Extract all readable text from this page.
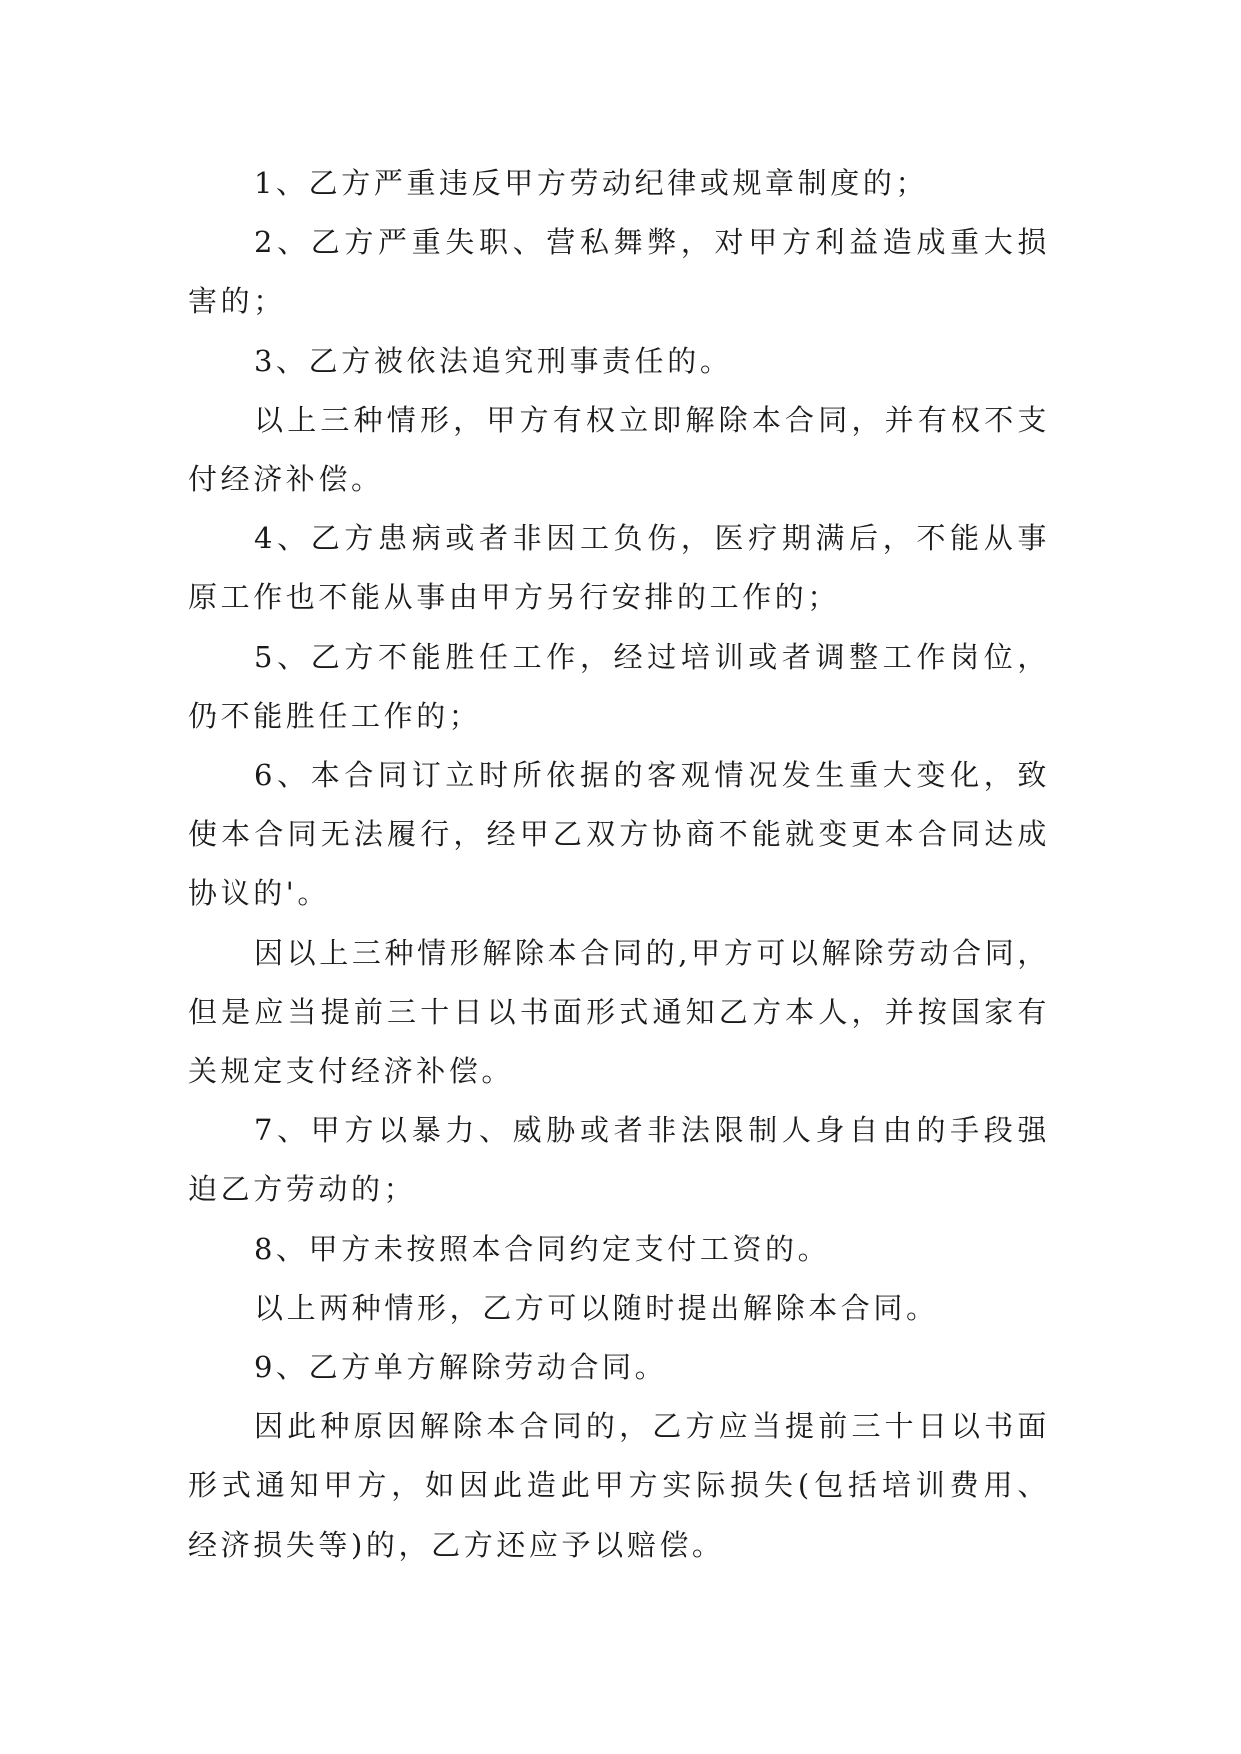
1、乙方严重违反甲方劳动纪律或规章制度的；

2、乙方严重失职、营私舞弊，对甲方利益造成重大损害的；

3、乙方被依法追究刑事责任的。

以上三种情形，甲方有权立即解除本合同，并有权不支付经济补偿。

4、乙方患病或者非因工负伤，医疗期满后，不能从事原工作也不能从事由甲方另行安排的工作的；

5、乙方不能胜任工作，经过培训或者调整工作岗位，仍不能胜任工作的；

6、本合同订立时所依据的客观情况发生重大变化，致使本合同无法履行，经甲乙双方协商不能就变更本合同达成协议的'。

因以上三种情形解除本合同的,甲方可以解除劳动合同，但是应当提前三十日以书面形式通知乙方本人，并按国家有关规定支付经济补偿。

7、甲方以暴力、威胁或者非法限制人身自由的手段强迫乙方劳动的；

8、甲方未按照本合同约定支付工资的。

以上两种情形，乙方可以随时提出解除本合同。

9、乙方单方解除劳动合同。

因此种原因解除本合同的，乙方应当提前三十日以书面形式通知甲方，如因此造此甲方实际损失(包括培训费用、经济损失等)的，乙方还应予以赔偿。
